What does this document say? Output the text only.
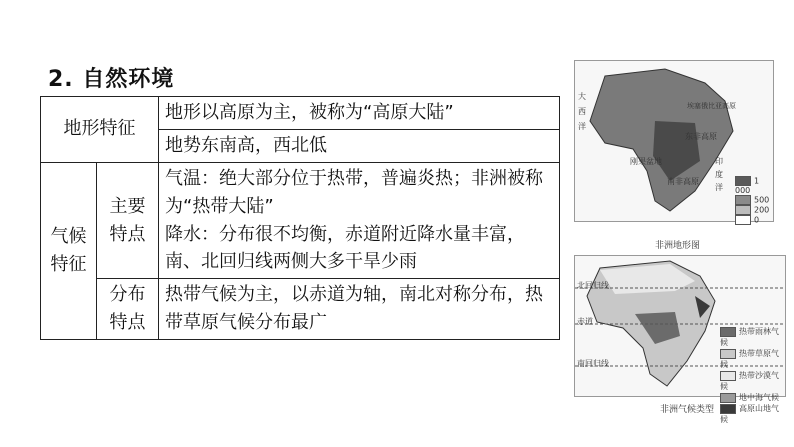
2. 自然环境
地形特征		地形以高原为主，被称为“高原大陆”
		地势东南高，西北低
气候特征	主要特点	气温：绝大部分位于热带，普遍炎热；非洲被称为“热带大陆”
降水：分布很不均衡，赤道附近降水量丰富，南、北回归线两侧大多干旱少雨

	分布特点	热带气候为主，以赤道为轴，南北对称分布，热带草原气候分布最广
大
西
洋
刚果盆地
东非高原
南非高原
印
度
洋
埃塞俄比亚高原
1 000
500
200
0
非洲地形图
北回归线
赤道
南回归线
热带雨林气候
热带草原气候
热带沙漠气候
地中海气候
高原山地气候
非洲气候类型
